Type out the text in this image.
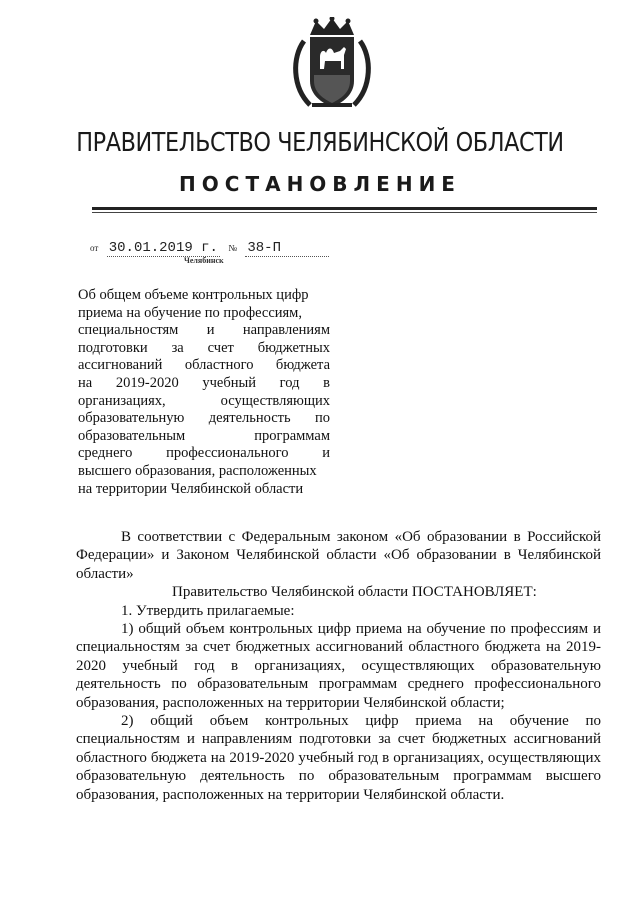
ПРАВИТЕЛЬСТВО ЧЕЛЯБИНСКОЙ ОБЛАСТИ
ПОСТАНОВЛЕНИЕ
от 30.01.2019 г. № 38-П
Челябинск
Об общем объеме контрольных цифр
приема на обучение по профессиям,
специальностям и направлениям
подготовки за счет бюджетных
ассигнований областного бюджета
на 2019-2020 учебный год в
организациях, осуществляющих
образовательную деятельность по
образовательным программам
среднего профессионального и
высшего образования, расположенных
на территории Челябинской области

В соответствии с Федеральным законом «Об образовании в Российской Федерации» и Законом Челябинской области «Об образовании в Челябинской области»

Правительство Челябинской области ПОСТАНОВЛЯЕТ:

1. Утвердить прилагаемые:

1) общий объем контрольных цифр приема на обучение по профессиям и специальностям за счет бюджетных ассигнований областного бюджета на 2019-2020 учебный год в организациях, осуществляющих образовательную деятельность по образовательным программам среднего профессионального образования, расположенных на территории Челябинской области;

2) общий объем контрольных цифр приема на обучение по специальностям и направлениям подготовки за счет бюджетных ассигнований областного бюджета на 2019-2020 учебный год в организациях, осуществляющих образовательную деятельность по образовательным программам высшего образования, расположенных на территории Челябинской области.
